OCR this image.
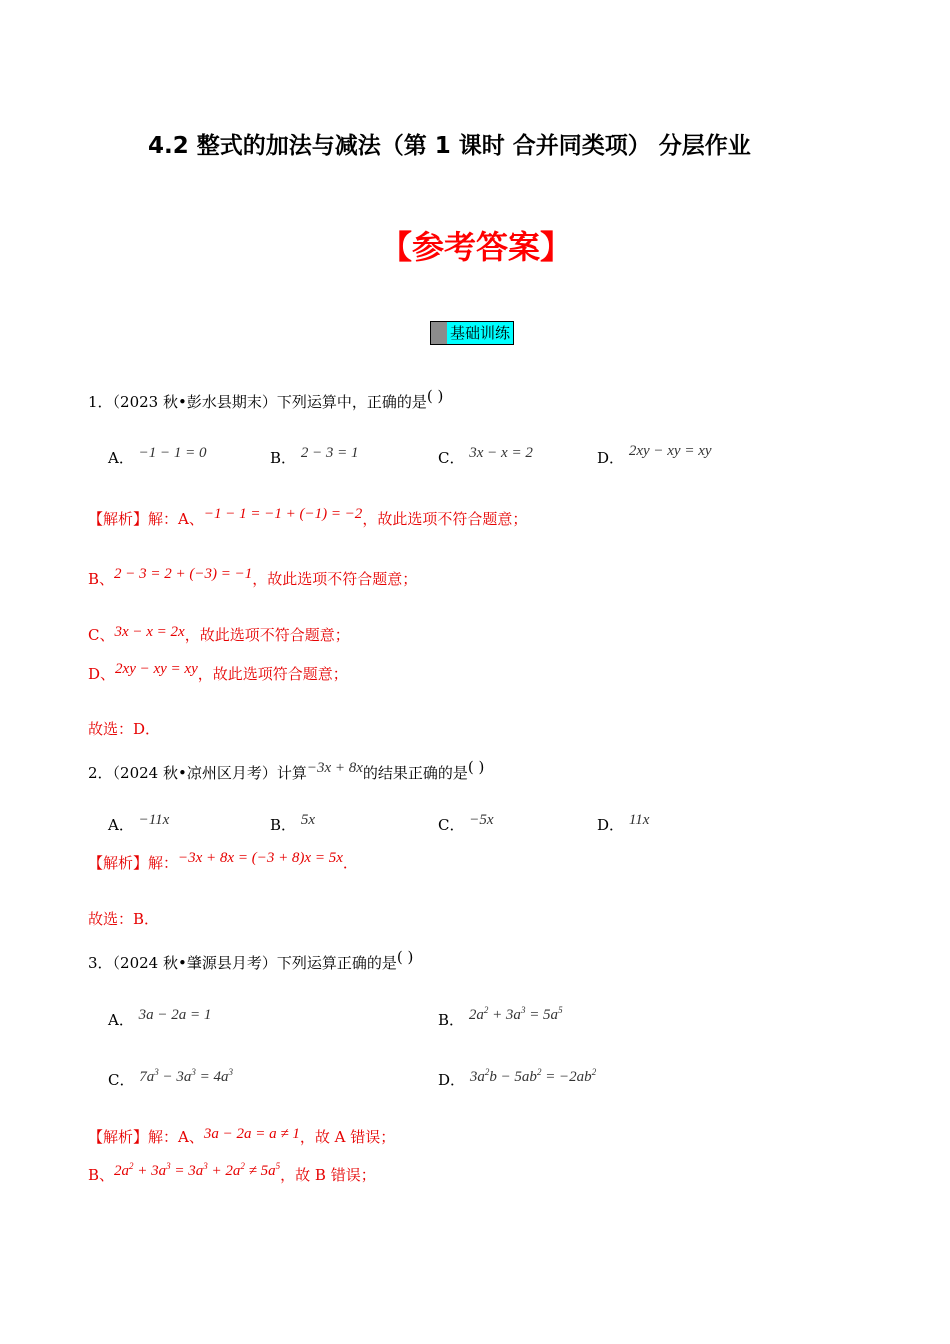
4.2 整式的加法与减法（第 1 课时 合并同类项） 分层作业
【参考答案】
基础训练
1．（2023 秋•彭水县期末）下列运算中，正确的是( )
A． −1 − 1 = 0	B． 2 − 3 = 1	C． 3x − x = 2	D． 2xy − xy = xy
【解析】解：A、−1 − 1 = −1 + (−1) = −2，故此选项不符合题意；
B、2 − 3 = 2 + (−3) = −1，故此选项不符合题意；
C、3x − x = 2x，故此选项不符合题意；
D、2xy − xy = xy，故此选项符合题意；
故选：D．
2．（2024 秋•凉州区月考）计算−3x + 8x的结果正确的是( )
A． −11x	B． 5x	C． −5x	D． 11x
【解析】解：−3x + 8x = (−3 + 8)x = 5x．
故选：B．
3．（2024 秋•肇源县月考）下列运算正确的是( )
A． 3a − 2a = 1	B． $2a^2 + 3a^3 = 5a^5$
C． $7a^3 - 3a^3 = 4a^3$	D． $3a^2b - 5ab^2 = -2ab^2$
【解析】解：A、3a − 2a = a ≠ 1，故 A 错误；
B、$2a^2 + 3a^3 = 3a^3 + 2a^2 \ne 5a^5$，故 B 错误；
